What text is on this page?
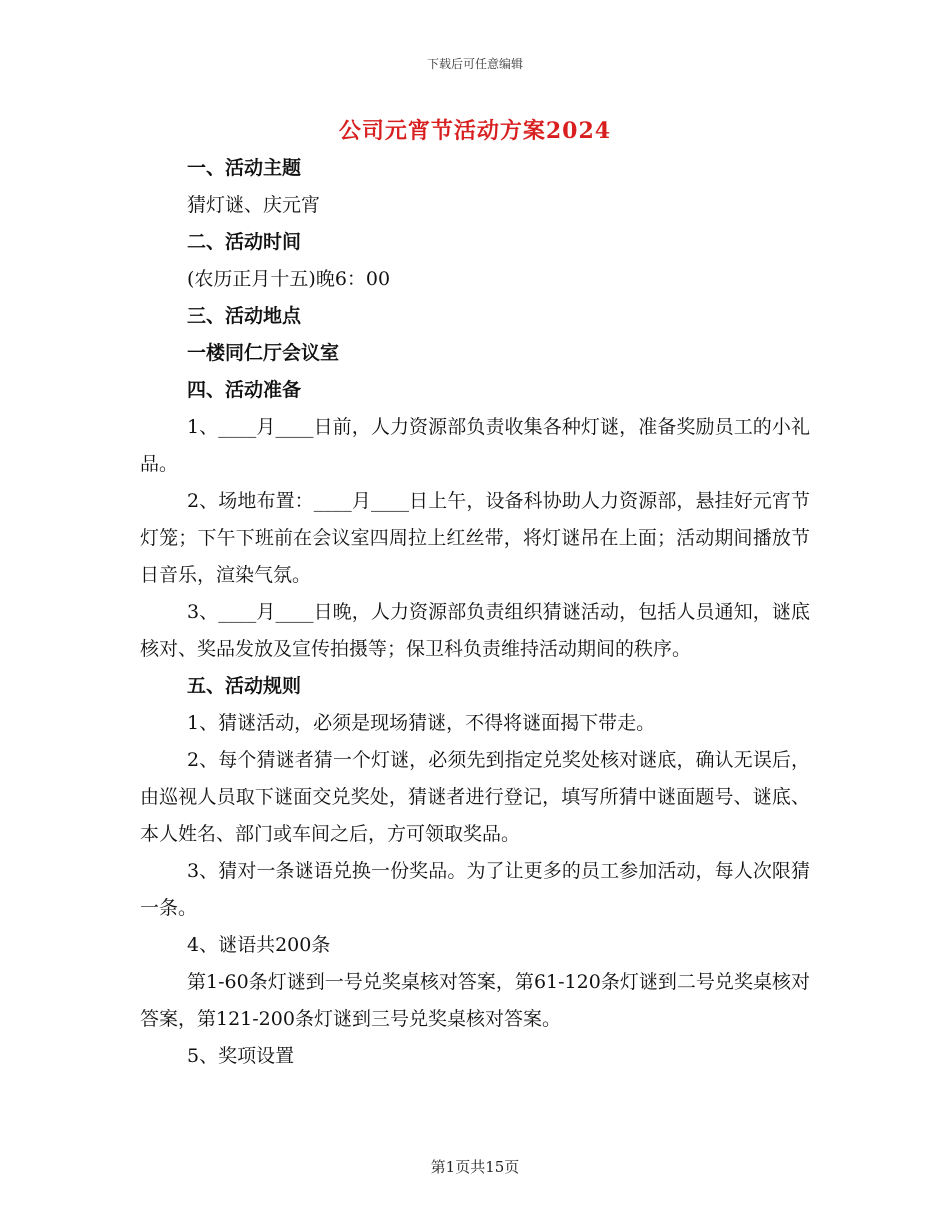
下载后可任意编辑
公司元宵节活动方案2024

一、活动主题

猜灯谜、庆元宵

二、活动时间

(农历正月十五)晚6：00

三、活动地点

一楼同仁厅会议室

四、活动准备

1、____月____日前，人力资源部负责收集各种灯谜，准备奖励员工的小礼品。

2、场地布置：____月____日上午，设备科协助人力资源部，悬挂好元宵节灯笼；下午下班前在会议室四周拉上红丝带，将灯谜吊在上面；活动期间播放节日音乐，渲染气氛。

3、____月____日晚，人力资源部负责组织猜谜活动，包括人员通知，谜底核对、奖品发放及宣传拍摄等；保卫科负责维持活动期间的秩序。

五、活动规则

1、猜谜活动，必须是现场猜谜，不得将谜面揭下带走。

2、每个猜谜者猜一个灯谜，必须先到指定兑奖处核对谜底，确认无误后，由巡视人员取下谜面交兑奖处，猜谜者进行登记，填写所猜中谜面题号、谜底、本人姓名、部门或车间之后，方可领取奖品。

3、猜对一条谜语兑换一份奖品。为了让更多的员工参加活动，每人次限猜一条。

4、谜语共200条

第1-60条灯谜到一号兑奖桌核对答案，第61-120条灯谜到二号兑奖桌核对答案，第121-200条灯谜到三号兑奖桌核对答案。

5、奖项设置

第1页共15页
